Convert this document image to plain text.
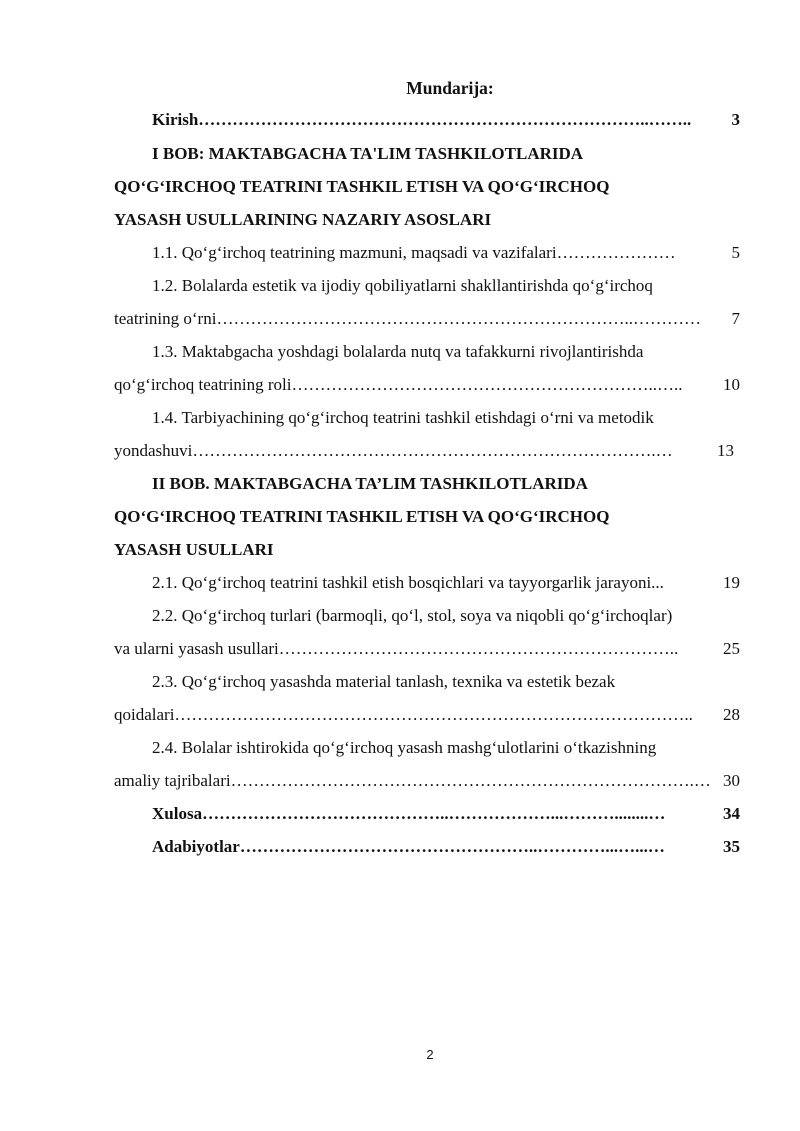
Mundarija:
Kirish ……………………………………………………………………..……..	3
I BOB: MAKTABGACHA TA'LIM TASHKILOTLARIDA
QO‘G‘IRCHOQ TEATRINI TASHKIL ETISH VA QO‘G‘IRCHOQ
YASASH USULLARINING NAZARIY ASOSLARI
1.1. Qo‘g‘irchoq teatrining mazmuni, maqsadi va vazifalari …………………	5
1.2. Bolalarda estetik va ijodiy qobiliyatlarni shakllantirishda qo‘g‘irchoq
teatrining o‘rni ………………………………………………………………..…………	7
1.3. Maktabgacha yoshdagi bolalarda nutq va tafakkurni rivojlantirishda
qo‘g‘irchoq teatrining roli ………………………………………………………..…..	10
1.4. Tarbiyachining qo‘g‘irchoq teatrini tashkil etishdagi o‘rni va metodik
yondashuvi ……………………………………………………………………….…	13
II BOB. MAKTABGACHA TA’LIM TASHKILOTLARIDA
QO‘G‘IRCHOQ TEATRINI TASHKIL ETISH VA QO‘G‘IRCHOQ
YASASH USULLARI
2.1. Qo‘g‘irchoq teatrini tashkil etish bosqichlari va tayyorgarlik jarayoni ...	19
2.2. Qo‘g‘irchoq turlari (barmoqli, qo‘l, stol, soya va niqobli qo‘g‘irchoqlar)
va ularni yasash usullari ……………………………………………………………..	25
2.3. Qo‘g‘irchoq yasashda material tanlash, texnika va estetik bezak
qoidalari ………………………………………………………………………………..	28
2.4. Bolalar ishtirokida qo‘g‘irchoq yasash mashg‘ulotlarini o‘tkazishning
amaliy tajribalari ……………………………………………………………………….… 30
Xulosa ……………………………………..………………...………........…	34
Adabiyotlar ……………………………………………..…………...…...…	35
2
